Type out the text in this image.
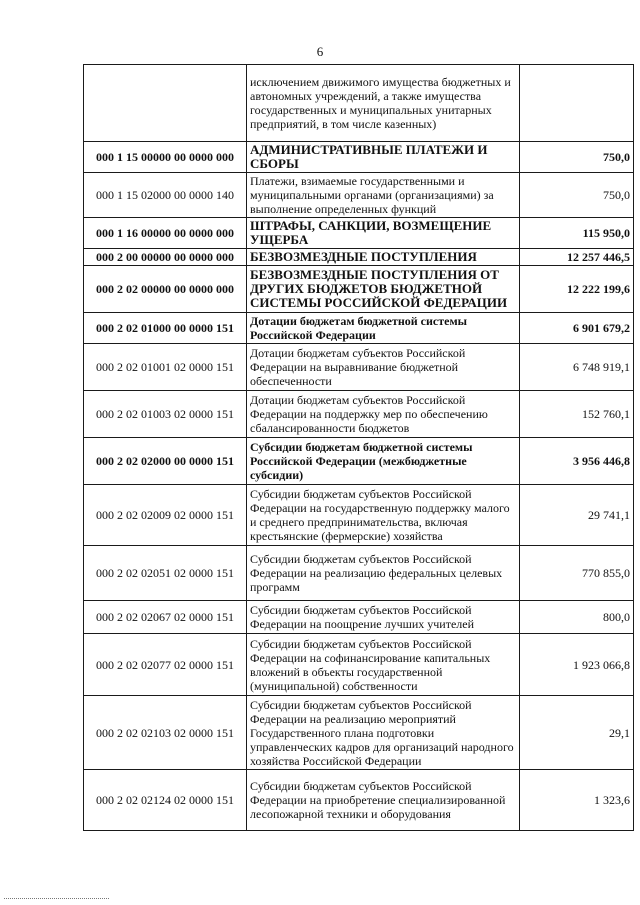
6
	исключением движимого имущества бюджетных и автономных учреждений, а также имущества государственных и муниципальных унитарных предприятий, в том числе казенных)	
000 1 15 00000 00 0000 000	АДМИНИСТРАТИВНЫЕ ПЛАТЕЖИ И СБОРЫ	750,0
000 1 15 02000 00 0000 140	Платежи, взимаемые государственными и муниципальными органами (организациями) за выполнение определенных функций	750,0
000 1 16 00000 00 0000 000	ШТРАФЫ, САНКЦИИ, ВОЗМЕЩЕНИЕ УЩЕРБА	115 950,0
000 2 00 00000 00 0000 000	БЕЗВОЗМЕЗДНЫЕ ПОСТУПЛЕНИЯ	12 257 446,5
000 2 02 00000 00 0000 000	БЕЗВОЗМЕЗДНЫЕ ПОСТУПЛЕНИЯ ОТ ДРУГИХ БЮДЖЕТОВ БЮДЖЕТНОЙ СИСТЕМЫ РОССИЙСКОЙ ФЕДЕРАЦИИ	12 222 199,6
000 2 02 01000 00 0000 151	Дотации бюджетам бюджетной системы Российской Федерации	6 901 679,2
000 2 02 01001 02 0000 151	Дотации бюджетам субъектов Российской Федерации на выравнивание бюджетной обеспеченности	6 748 919,1
000 2 02 01003 02 0000 151	Дотации бюджетам субъектов Российской Федерации на поддержку мер по обеспечению сбалансированности бюджетов	152 760,1
000 2 02 02000 00 0000 151	Субсидии бюджетам бюджетной системы Российской Федерации (межбюджетные субсидии)	3 956 446,8
000 2 02 02009 02 0000 151	Субсидии бюджетам субъектов Российской Федерации на государственную поддержку малого и среднего предпринимательства, включая крестьянские (фермерские) хозяйства	29 741,1
000 2 02 02051 02 0000 151	Субсидии бюджетам субъектов Российской Федерации на реализацию федеральных целевых программ	770 855,0
000 2 02 02067 02 0000 151	Субсидии бюджетам субъектов Российской Федерации на поощрение лучших учителей	800,0
000 2 02 02077 02 0000 151	Субсидии бюджетам субъектов Российской Федерации на софинансирование капитальных вложений в объекты государственной (муниципальной) собственности	1 923 066,8
000 2 02 02103 02 0000 151	Субсидии бюджетам субъектов Российской Федерации на реализацию мероприятий Государственного плана подготовки управленческих кадров для организаций народного хозяйства Российской Федерации	29,1
000 2 02 02124 02 0000 151	Субсидии бюджетам субъектов Российской Федерации на приобретение специализированной лесопожарной техники и оборудования	1 323,6
